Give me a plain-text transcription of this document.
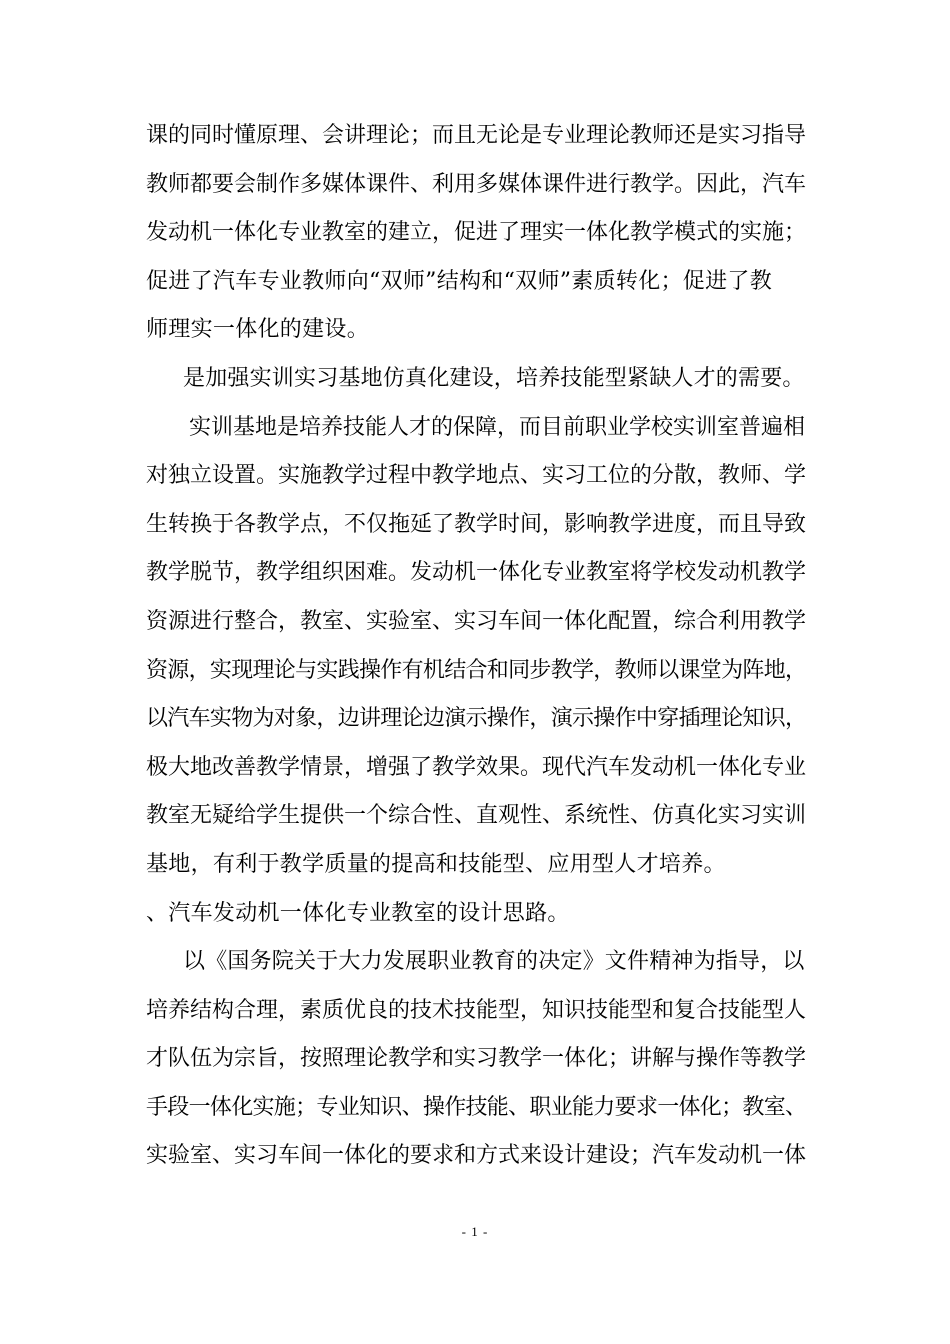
课的同时懂原理、会讲理论；而且无论是专业理论教师还是实习指导
教师都要会制作多媒体课件、利用多媒体课件进行教学。因此，汽车
发动机一体化专业教室的建立，促进了理实一体化教学模式的实施；
促进了汽车专业教师向“双师”结构和“双师”素质转化；促进了教
师理实一体化的建设。
是加强实训实习基地仿真化建设，培养技能型紧缺人才的需要。
实训基地是培养技能人才的保障，而目前职业学校实训室普遍相
对独立设置。实施教学过程中教学地点、实习工位的分散，教师、学
生转换于各教学点，不仅拖延了教学时间，影响教学进度，而且导致
教学脱节，教学组织困难。发动机一体化专业教室将学校发动机教学
资源进行整合，教室、实验室、实习车间一体化配置，综合利用教学
资源，实现理论与实践操作有机结合和同步教学，教师以课堂为阵地，
以汽车实物为对象，边讲理论边演示操作，演示操作中穿插理论知识，
极大地改善教学情景，增强了教学效果。现代汽车发动机一体化专业
教室无疑给学生提供一个综合性、直观性、系统性、仿真化实习实训
基地，有利于教学质量的提高和技能型、应用型人才培养。
、汽车发动机一体化专业教室的设计思路。
以《国务院关于大力发展职业教育的决定》文件精神为指导，以
培养结构合理，素质优良的技术技能型，知识技能型和复合技能型人
才队伍为宗旨，按照理论教学和实习教学一体化；讲解与操作等教学
手段一体化实施；专业知识、操作技能、职业能力要求一体化；教室、
实验室、实习车间一体化的要求和方式来设计建设；汽车发动机一体
- 1 -
